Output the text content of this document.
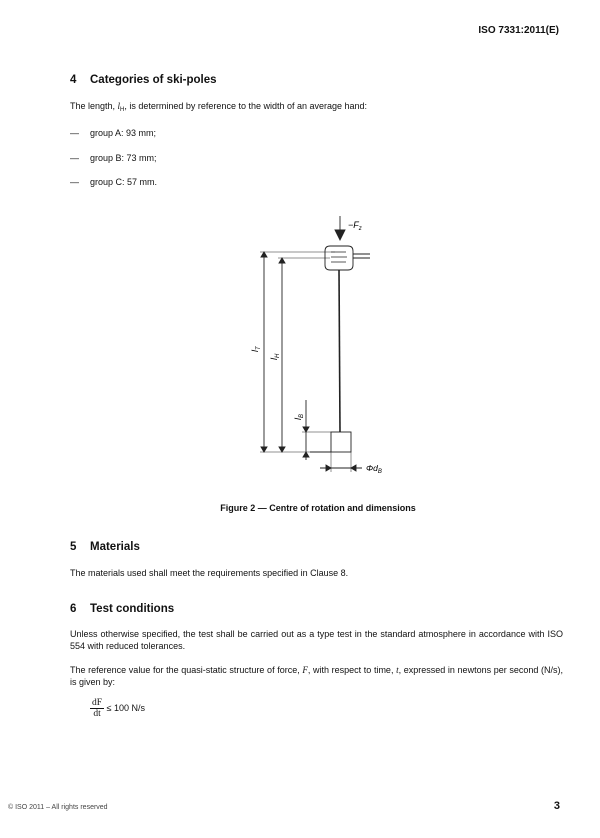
ISO 7331:2011(E)
4 Categories of ski-poles
The length, $l_H$, is determined by reference to the width of an average hand:
— group A: 93 mm;
— group B: 73 mm;
— group C: 57 mm.
$-F_z$
$l_T$
$l_H$
$l_B$
$\Phi d_B$
Figure 2 — Centre of rotation and dimensions
5 Materials
The materials used shall meet the requirements specified in Clause 8.
6 Test conditions
Unless otherwise specified, the test shall be carried out as a type test in the standard atmosphere in accordance with ISO 554 with reduced tolerances.
The reference value for the quasi-static structure of force, F, with respect to time, t, expressed in newtons per second (N/s), is given by:
$\frac{dF}{dt} \le 100$ N/s
© ISO 2011 – All rights reserved	3
